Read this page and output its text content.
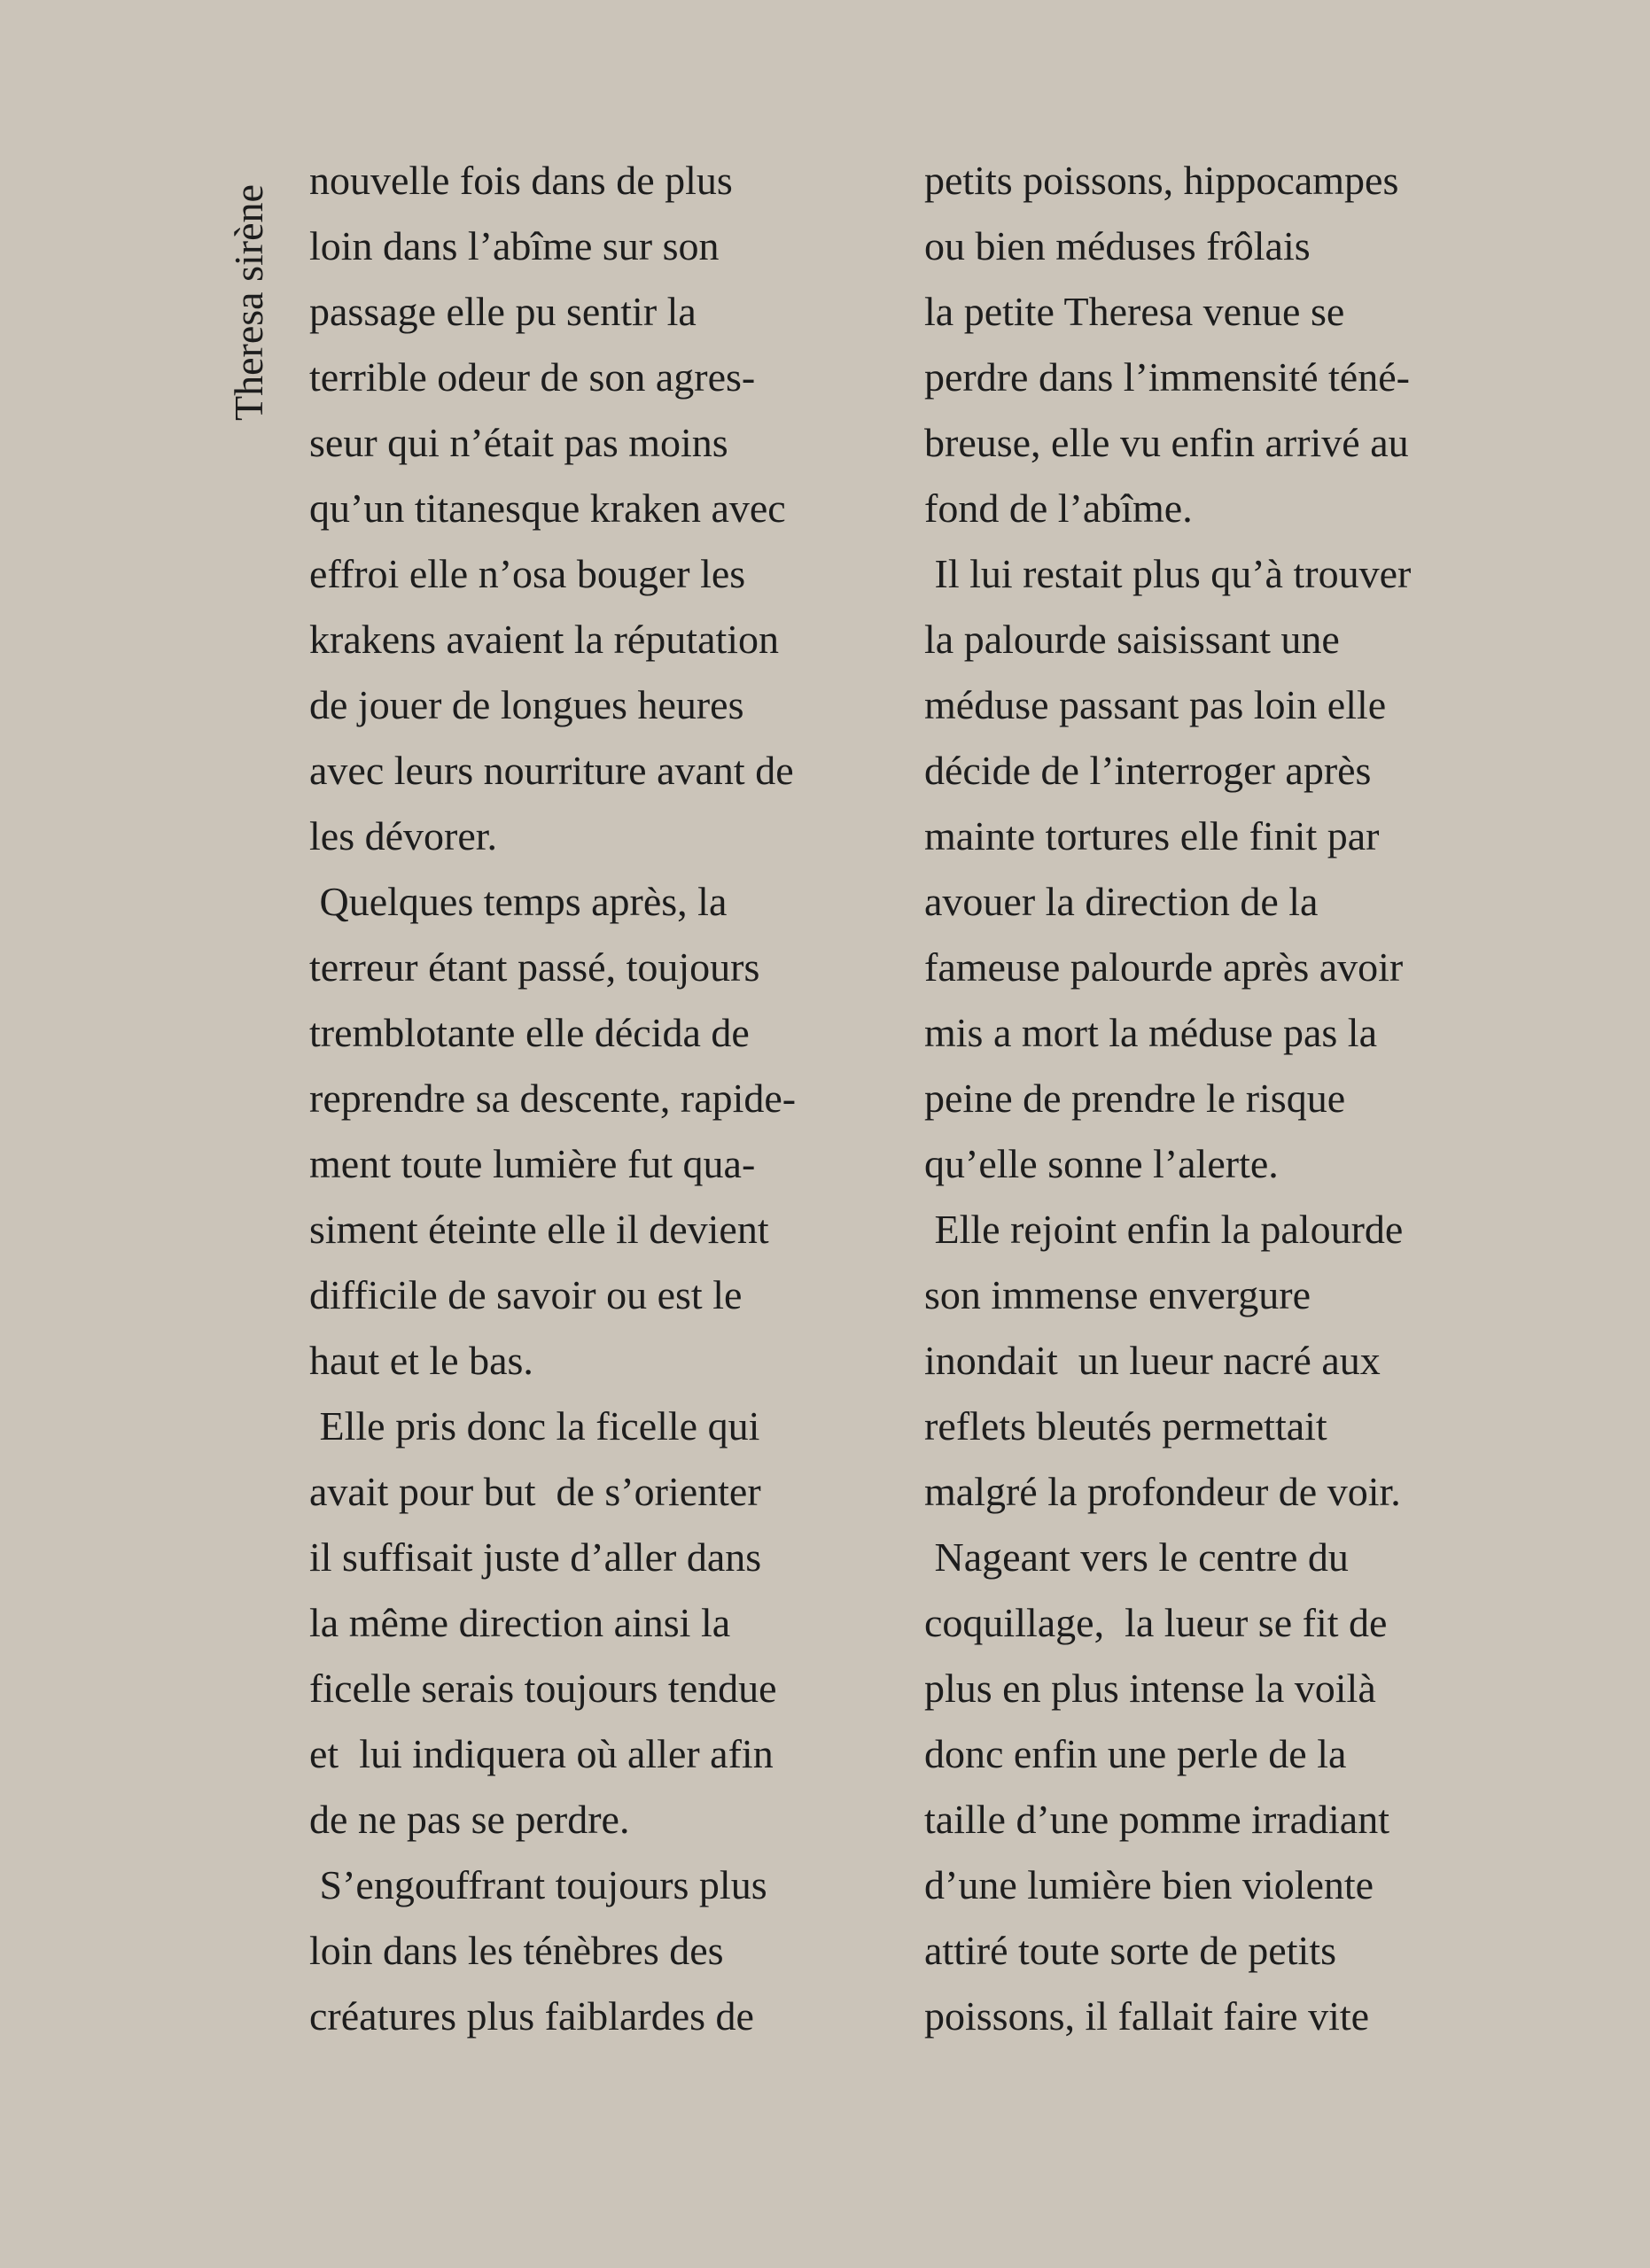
Theresa sirène
nouvelle fois dans de plus
loin dans l’abîme sur son
passage elle pu sentir la
terrible odeur de son agres-
seur qui n’était pas moins
qu’un titanesque kraken avec
effroi elle n’osa bouger les
krakens avaient la réputation
de jouer de longues heures
avec leurs nourriture avant de
les dévorer.
Quelques temps après, la
terreur étant passé, toujours
tremblotante elle décida de
reprendre sa descente, rapide-
ment toute lumière fut qua-
siment éteinte elle il devient
difficile de savoir ou est le
haut et le bas.
Elle pris donc la ficelle qui
avait pour but  de s’orienter
il suffisait juste d’aller dans
la même direction ainsi la
ficelle serais toujours tendue
et  lui indiquera où aller afin
de ne pas se perdre.
S’engouffrant toujours plus
loin dans les ténèbres des
créatures plus faiblardes de
petits poissons, hippocampes
ou bien méduses frôlais
la petite Theresa venue se
perdre dans l’immensité téné-
breuse, elle vu enfin arrivé au
fond de l’abîme.
Il lui restait plus qu’à trouver
la palourde saisissant une
méduse passant pas loin elle
décide de l’interroger après
mainte tortures elle finit par
avouer la direction de la
fameuse palourde après avoir
mis a mort la méduse pas la
peine de prendre le risque
qu’elle sonne l’alerte.
Elle rejoint enfin la palourde
son immense envergure
inondait  un lueur nacré aux
reflets bleutés permettait
malgré la profondeur de voir.
Nageant vers le centre du
coquillage,  la lueur se fit de
plus en plus intense la voilà
donc enfin une perle de la
taille d’une pomme irradiant
d’une lumière bien violente
attiré toute sorte de petits
poissons, il fallait faire vite
